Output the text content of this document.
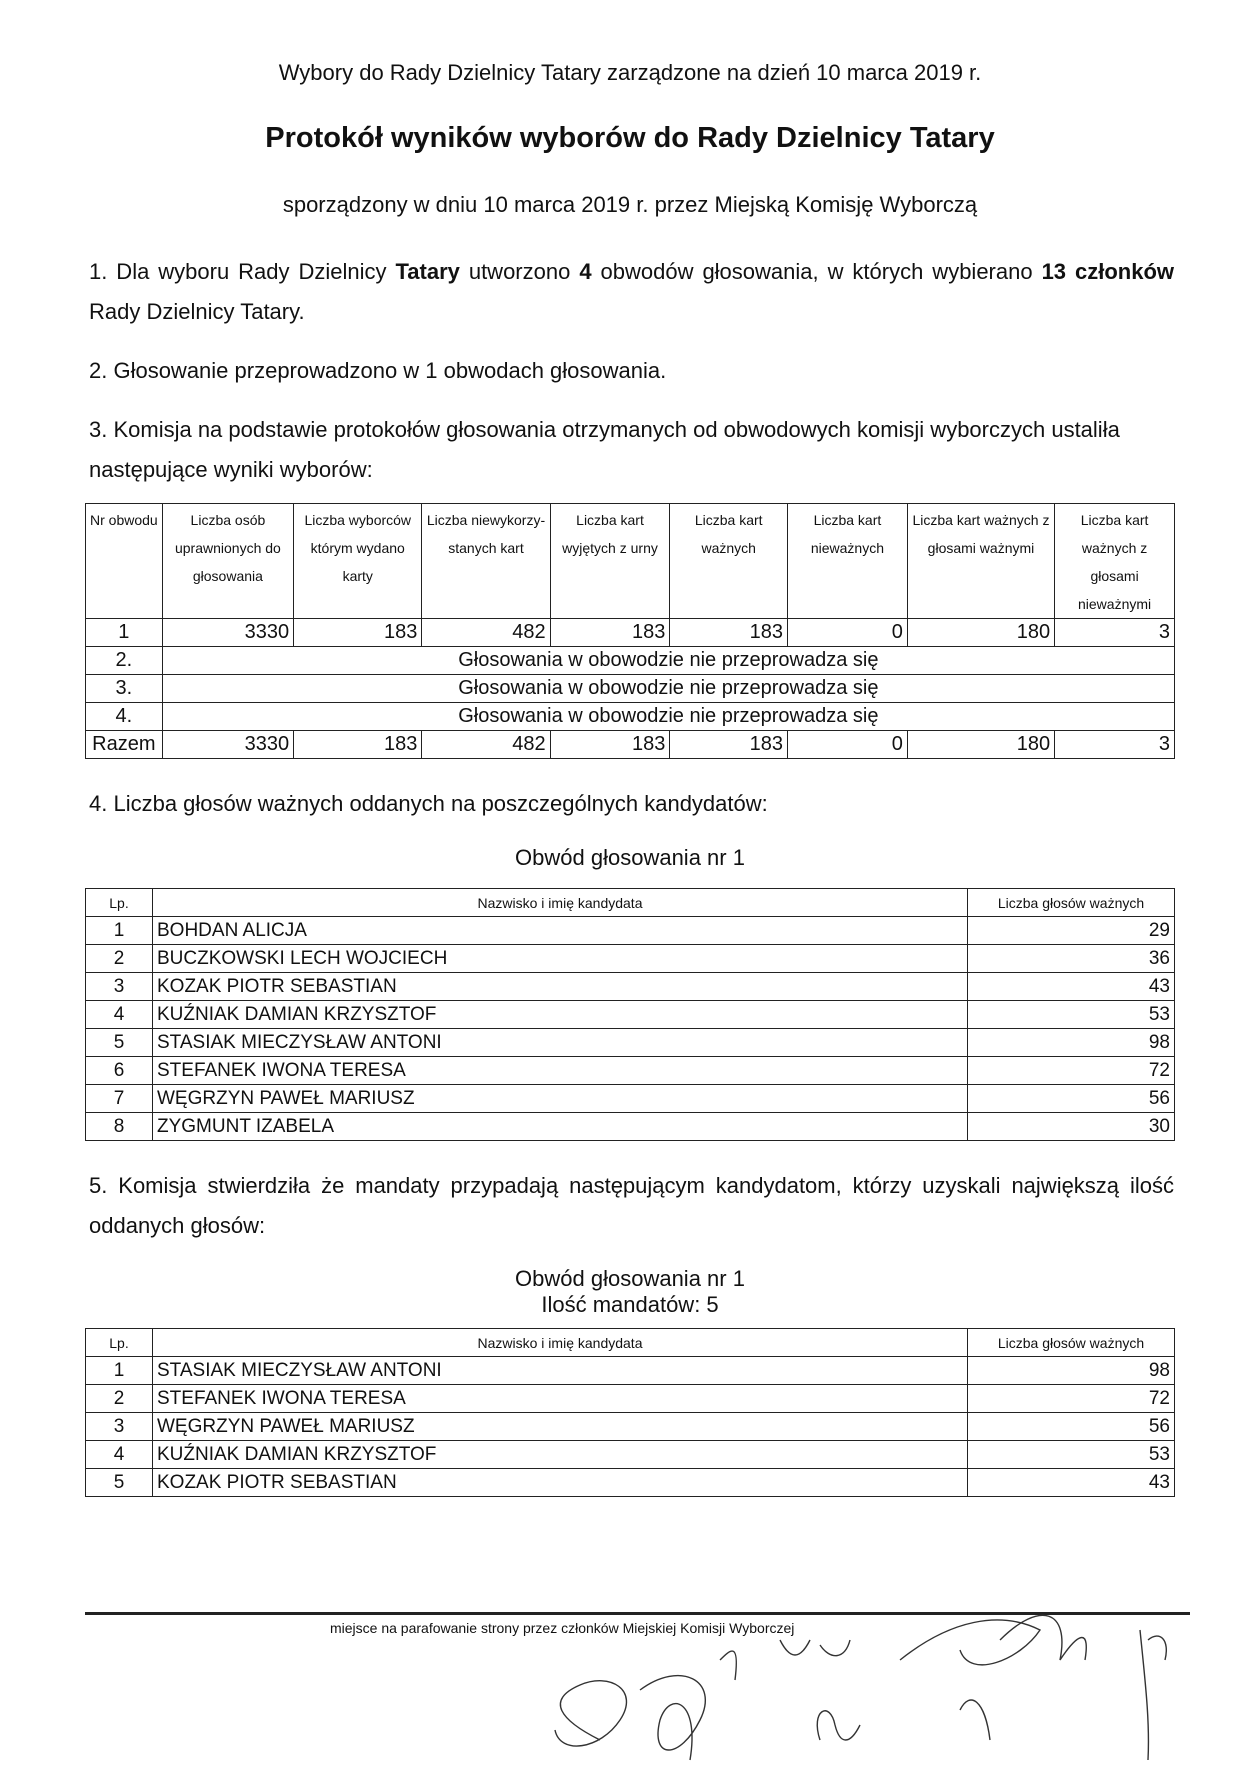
Wybory do Rady Dzielnicy Tatary zarządzone na dzień 10 marca 2019 r.
Protokół wyników wyborów do Rady Dzielnicy Tatary
sporządzony w dniu 10 marca 2019 r. przez Miejską Komisję Wyborczą
1. Dla wyboru Rady Dzielnicy Tatary utworzono 4 obwodów głosowania, w których wybierano 13 członków Rady Dzielnicy Tatary.
2. Głosowanie przeprowadzono w 1 obwodach głosowania.
3. Komisja na podstawie protokołów głosowania otrzymanych od obwodowych komisji wyborczych ustaliła następujące wyniki wyborów:
Nr obwodu	Liczba osób uprawnionych do głosowania	Liczba wyborców którym wydano karty	Liczba niewykorzy-stanych kart	Liczba kart wyjętych z urny	Liczba kart ważnych	Liczba kart nieważnych	Liczba kart ważnych z głosami ważnymi	Liczba kart ważnych z głosami nieważnymi
1	3330	183	482	183	183	0	180	3
2.	Głosowania w obowodzie nie przeprowadza się							
3.	Głosowania w obowodzie nie przeprowadza się							
4.	Głosowania w obowodzie nie przeprowadza się							
Razem	3330	183	482	183	183	0	180	3
4. Liczba głosów ważnych oddanych na poszczególnych kandydatów:
Obwód głosowania nr 1
Lp.	Nazwisko i imię kandydata	Liczba głosów ważnych
1	BOHDAN ALICJA	29
2	BUCZKOWSKI LECH WOJCIECH	36
3	KOZAK PIOTR SEBASTIAN	43
4	KUŹNIAK DAMIAN KRZYSZTOF	53
5	STASIAK MIECZYSŁAW ANTONI	98
6	STEFANEK IWONA TERESA	72
7	WĘGRZYN PAWEŁ MARIUSZ	56
8	ZYGMUNT IZABELA	30
5. Komisja stwierdziła że mandaty przypadają następującym kandydatom, którzy uzyskali największą ilość oddanych głosów:
Obwód głosowania nr 1
Ilość mandatów: 5
Lp.	Nazwisko i imię kandydata	Liczba głosów ważnych
1	STASIAK MIECZYSŁAW ANTONI	98
2	STEFANEK IWONA TERESA	72
3	WĘGRZYN PAWEŁ MARIUSZ	56
4	KUŹNIAK DAMIAN KRZYSZTOF	53
5	KOZAK PIOTR SEBASTIAN	43
miejsce na parafowanie strony przez członków Miejskiej Komisji Wyborczej
